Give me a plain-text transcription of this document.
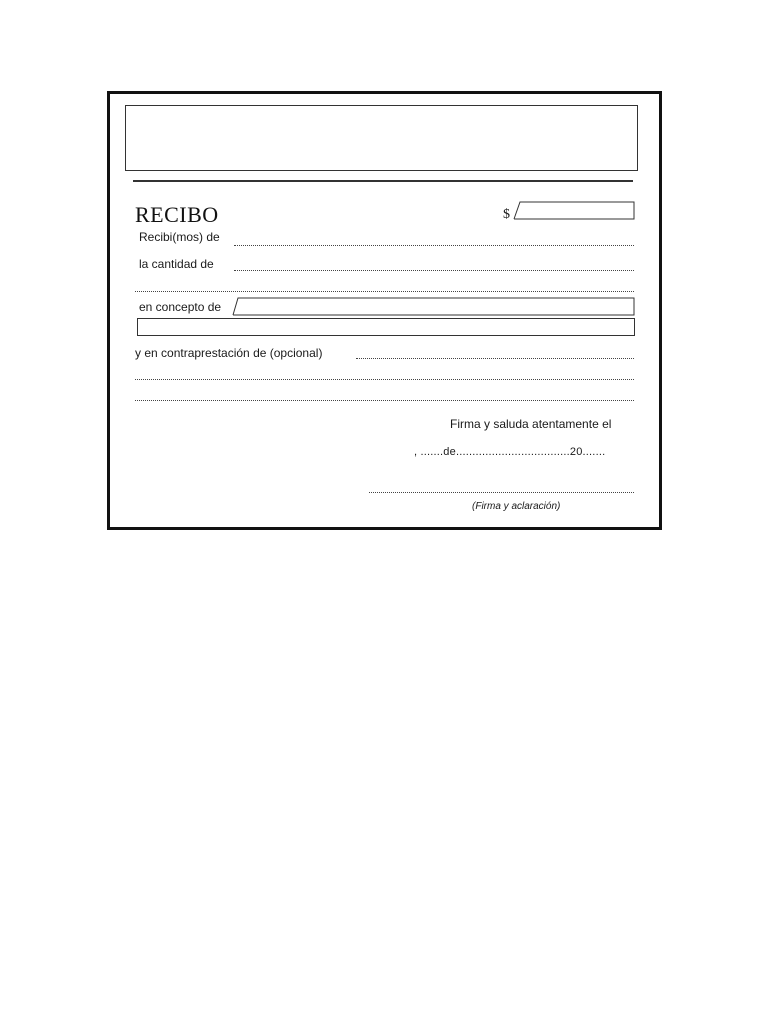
RECIBO	$
Recibi(mos) de
la cantidad de
en concepto de
y en contraprestación de (opcional)
Firma y saluda atentamente el
, .......de...................................20.......
(Firma y aclaración)
